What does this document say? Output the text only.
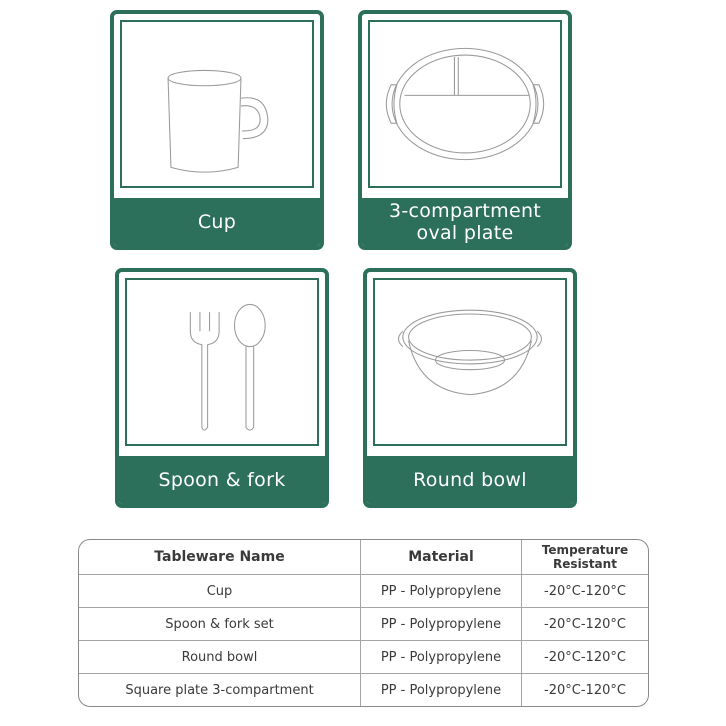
Cup	3-compartment
oval plate
Spoon & fork	Round bowl
Tableware Name	Material	Temperature
Resistant
Cup	PP - Polypropylene	-20°C-120°C
Spoon & fork set	PP - Polypropylene	-20°C-120°C
Round bowl	PP - Polypropylene	-20°C-120°C
Square plate 3-compartment	PP - Polypropylene	-20°C-120°C
